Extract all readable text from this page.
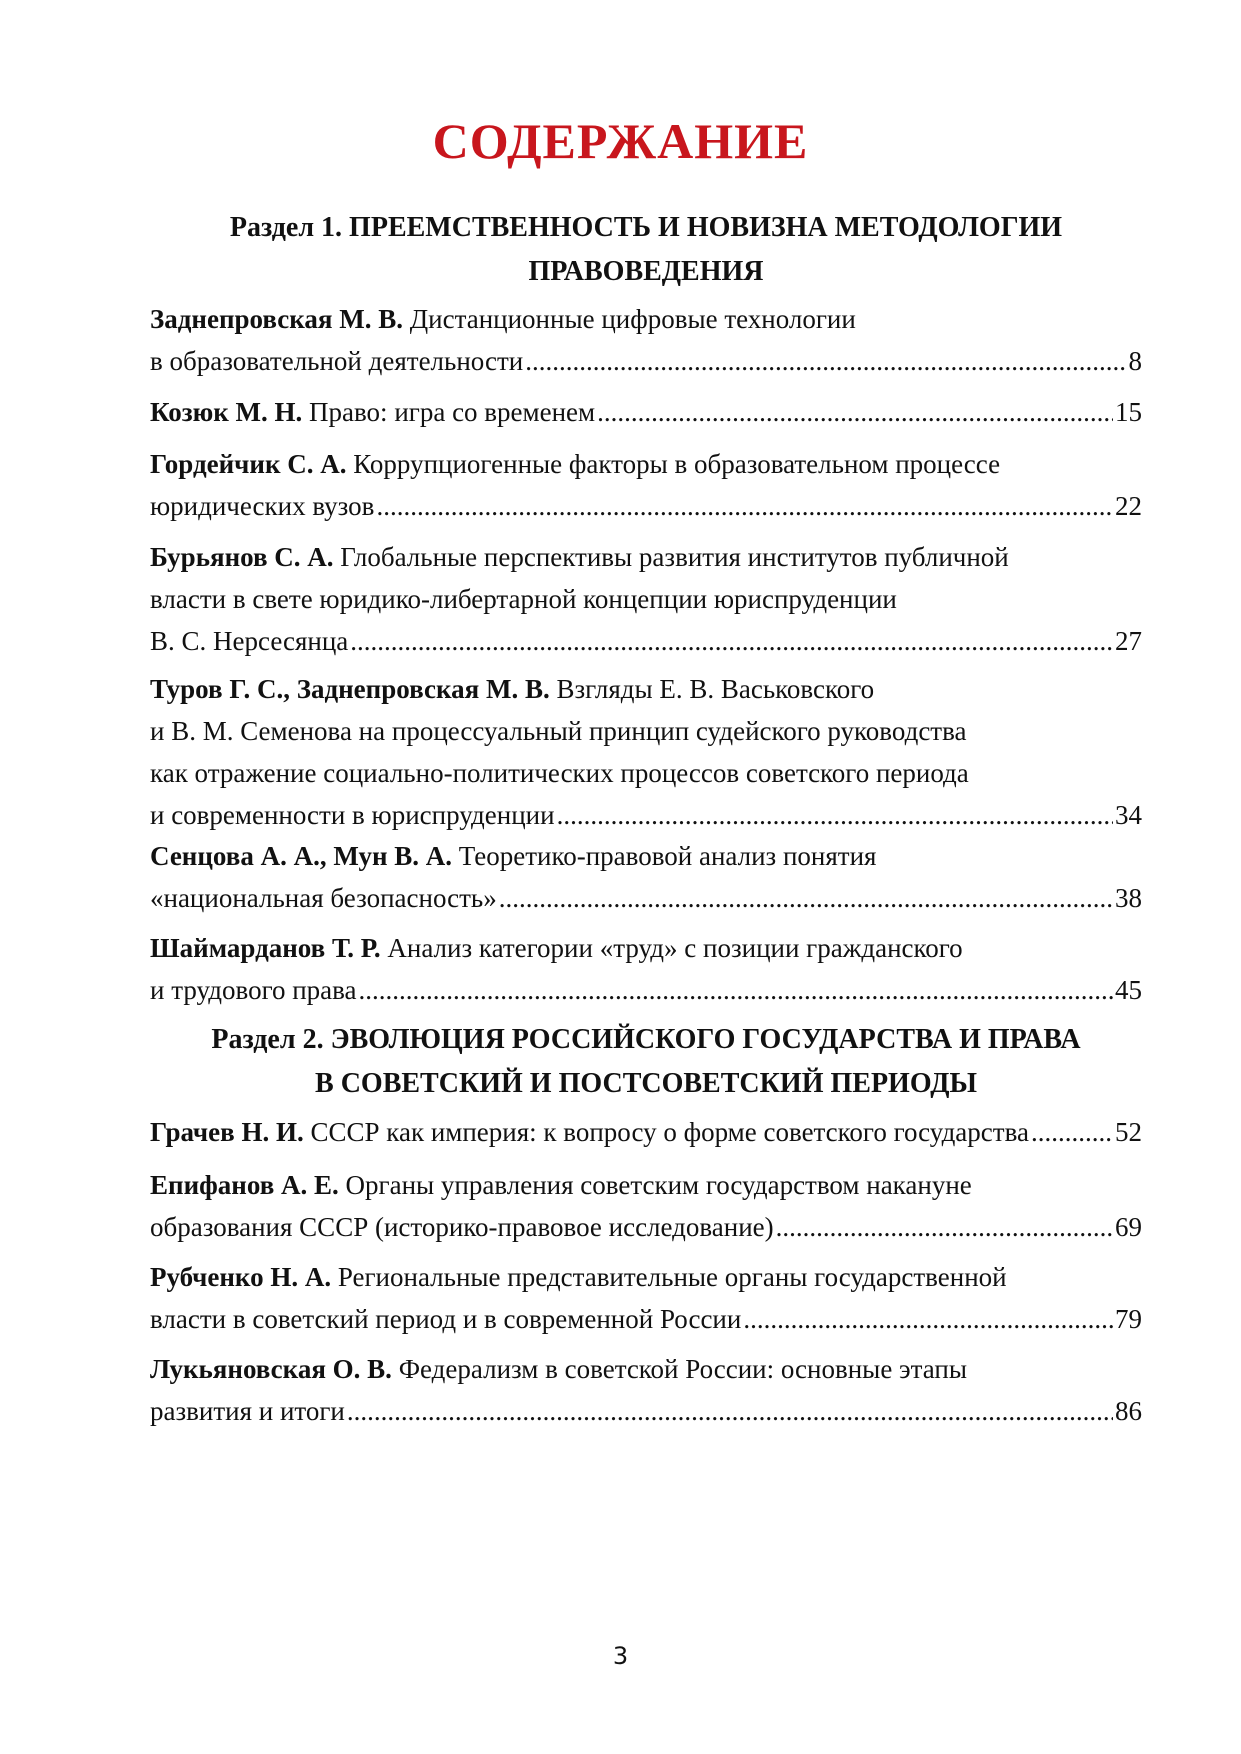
СОДЕРЖАНИЕ
Раздел 1. ПРЕЕМСТВЕННОСТЬ И НОВИЗНА МЕТОДОЛОГИИ
ПРАВОВЕДЕНИЯ
Заднепровская М. В. Дистанционные цифровые технологии
в образовательной деятельности .....	8
Козюк М. Н. Право: игра со временем .....	15
Гордейчик С. А. Коррупциогенные факторы в образовательном процессе
юридических вузов .....	22
Бурьянов С. А. Глобальные перспективы развития институтов публичной
власти в свете юридико-либертарной концепции юриспруденции
В. С. Нерсесянца .....	27
Туров Г. С., Заднепровская М. В. Взгляды Е. В. Васьковского
и В. М. Семенова на процессуальный принцип судейского руководства
как отражение социально-политических процессов советского периода
и современности в юриспруденции .....	34
Сенцова А. А., Мун В. А. Теоретико-правовой анализ понятия
«национальная безопасность» .....	38
Шаймарданов Т. Р. Анализ категории «труд» с позиции гражданского
и трудового права .....	45
Раздел 2. ЭВОЛЮЦИЯ РОССИЙСКОГО ГОСУДАРСТВА И ПРАВА
В СОВЕТСКИЙ И ПОСТСОВЕТСКИЙ ПЕРИОДЫ
Грачев Н. И. СССР как империя: к вопросу о форме советского государства .....	52
Епифанов А. Е. Органы управления советским государством накануне
образования СССР (историко-правовое исследование) .....	69
Рубченко Н. А. Региональные представительные органы государственной
власти в советский период и в современной России .....	79
Лукьяновская О. В. Федерализм в советской России: основные этапы
развития и итоги .....	86
3
